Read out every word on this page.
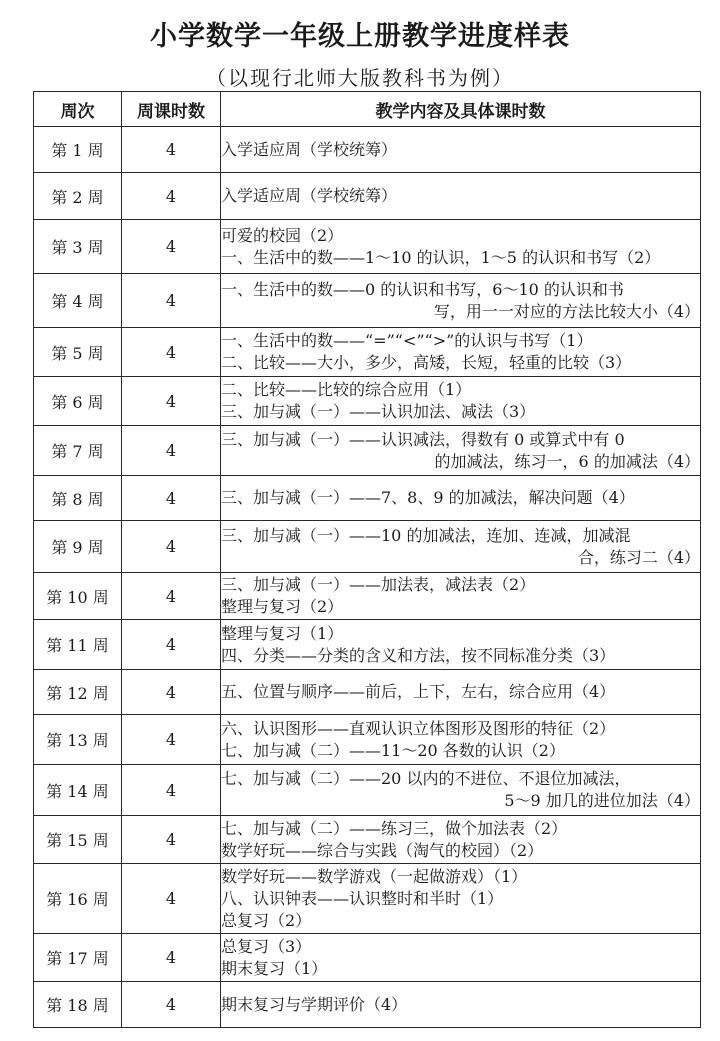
小学数学一年级上册教学进度样表
（以现行北师大版教科书为例）
周次	周课时数	教学内容及具体课时数
第 1 周	4	入学适应周（学校统筹）

第 2 周	4	入学适应周（学校统筹）

第 3 周	4	可爱的校园（2）
一、生活中的数——1～10 的认识，1～5 的认识和书写（2）

第 4 周	4	一、生活中的数——0 的认识和书写，6～10 的认识和书
写，用一一对应的方法比较大小（4）

第 5 周	4	一、生活中的数——“=”“<”“>”的认识与书写（1）
二、比较——大小，多少，高矮，长短，轻重的比较（3）

第 6 周	4	二、比较——比较的综合应用（1）
三、加与减（一）——认识加法、减法（3）

第 7 周	4	三、加与减（一）——认识减法，得数有 0 或算式中有 0
的加减法，练习一，6 的加减法（4）

第 8 周	4	三、加与减（一）——7、8、9 的加减法，解决问题（4）

第 9 周	4	三、加与减（一）——10 的加减法，连加、连减，加减混
合，练习二（4）

第 10 周	4	三、加与减（一）——加法表，减法表（2）
整理与复习（2）

第 11 周	4	整理与复习（1）
四、分类——分类的含义和方法，按不同标准分类（3）

第 12 周	4	五、位置与顺序——前后，上下，左右，综合应用（4）

第 13 周	4	六、认识图形——直观认识立体图形及图形的特征（2）
七、加与减（二）——11～20 各数的认识（2）

第 14 周	4	七、加与减（二）——20 以内的不进位、不退位加减法，
5～9 加几的进位加法（4）

第 15 周	4	七、加与减（二）——练习三，做个加法表（2）
数学好玩——综合与实践（淘气的校园）（2）

第 16 周	4	数学好玩——数学游戏（一起做游戏）（1）
八、认识钟表——认识整时和半时（1）
总复习（2）

第 17 周	4	总复习（3）
期末复习（1）

第 18 周	4	期末复习与学期评价（4）
